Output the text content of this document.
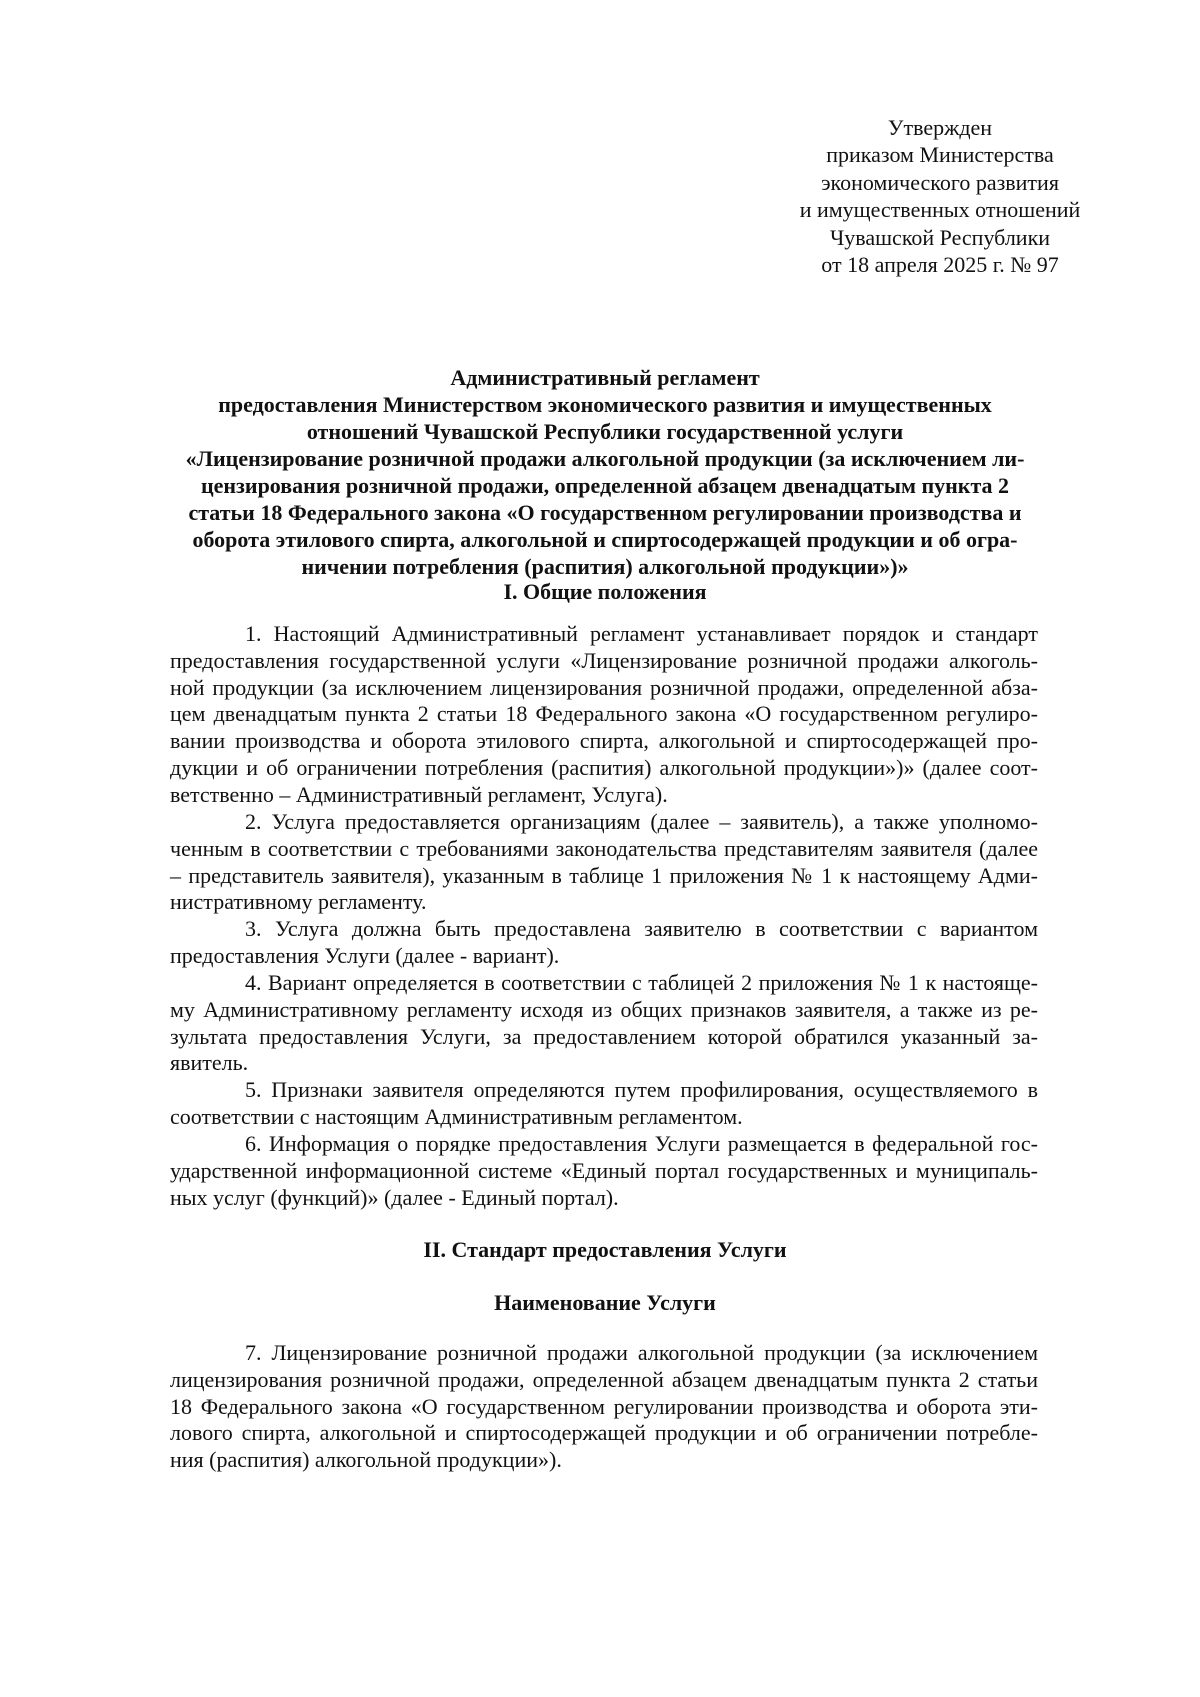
Утвержден
приказом Министерства
экономического развития
и имущественных отношений
Чувашской Республики
от 18 апреля 2025 г. № 97
Административный регламент
предоставления Министерством экономического развития и имущественных
отношений Чувашской Республики государственной услуги
«Лицензирование розничной продажи алкогольной продукции (за исключением ли-
цензирования розничной продажи, определенной абзацем двенадцатым пункта 2
статьи 18 Федерального закона «О государственном регулировании производства и
оборота этилового спирта, алкогольной и спиртосодержащей продукции и об огра-
ничении потребления (распития) алкогольной продукции»)»
I. Общие положения
1. Настоящий Административный регламент устанавливает порядок и стандарт
предоставления государственной услуги «Лицензирование розничной продажи алкоголь-
ной продукции (за исключением лицензирования розничной продажи, определенной абза-
цем двенадцатым пункта 2 статьи 18 Федерального закона «О государственном регулиро-
вании производства и оборота этилового спирта, алкогольной и спиртосодержащей про-
дукции и об ограничении потребления (распития) алкогольной продукции»)» (далее соот-
ветственно – Административный регламент, Услуга).
2. Услуга предоставляется организациям (далее – заявитель), а также уполномо-
ченным в соответствии с требованиями законодательства представителям заявителя (далее
– представитель заявителя), указанным в таблице 1 приложения № 1 к настоящему Адми-
нистративному регламенту.
3. Услуга должна быть предоставлена заявителю в соответствии с вариантом
предоставления Услуги (далее - вариант).
4. Вариант определяется в соответствии с таблицей 2 приложения № 1 к настояще-
му Административному регламенту исходя из общих признаков заявителя, а также из ре-
зультата предоставления Услуги, за предоставлением которой обратился указанный за-
явитель.
5. Признаки заявителя определяются путем профилирования, осуществляемого в
соответствии с настоящим Административным регламентом.
6. Информация о порядке предоставления Услуги размещается в федеральной гос-
ударственной информационной системе «Единый портал государственных и муниципаль-
ных услуг (функций)» (далее - Единый портал).
II. Стандарт предоставления Услуги
Наименование Услуги
7. Лицензирование розничной продажи алкогольной продукции (за исключением
лицензирования розничной продажи, определенной абзацем двенадцатым пункта 2 статьи
18 Федерального закона «О государственном регулировании производства и оборота эти-
лового спирта, алкогольной и спиртосодержащей продукции и об ограничении потребле-
ния (распития) алкогольной продукции»).
